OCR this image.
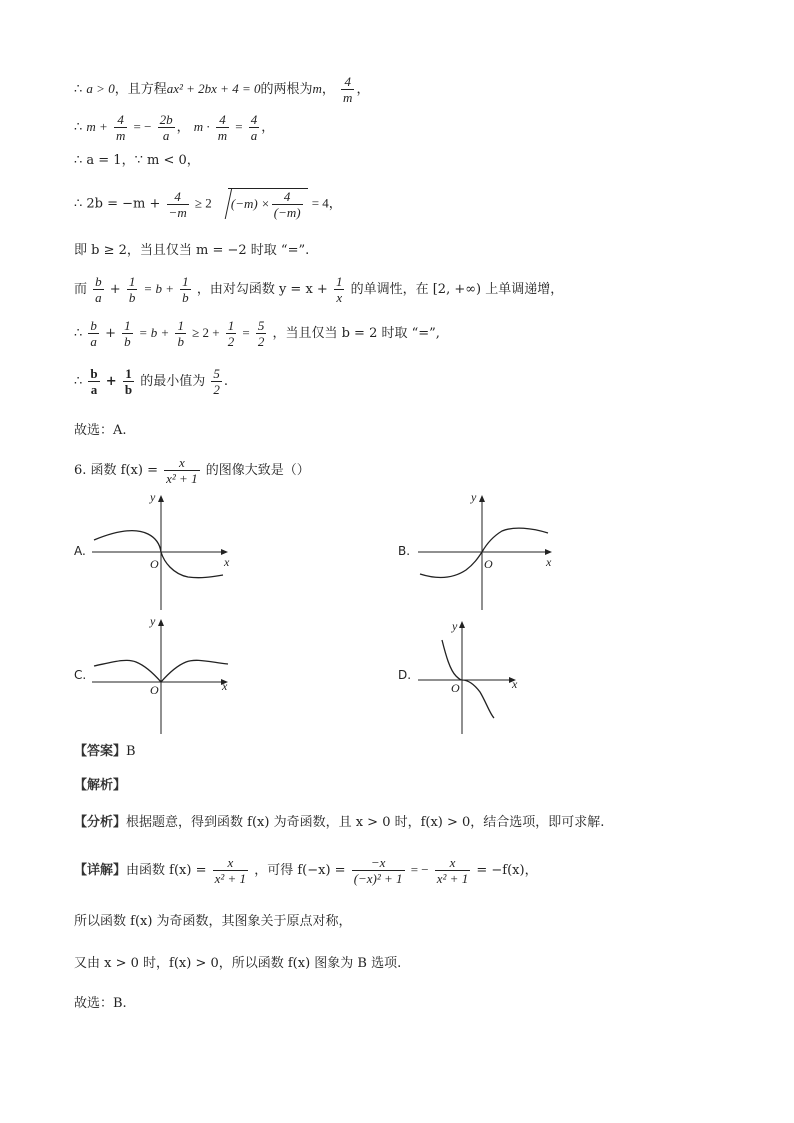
∴ a > 0，且方程ax² + 2bx + 4 = 0的两根为m， $\frac{4}{m}$ ，
∴ $m + \frac{4}{m}$ = − $\frac{2b}{a}$ ， $m \cdot \frac{4}{m} = \frac{4}{a}$ ，
∴ a = 1，∵ m < 0，
∴ $2b = -m + \frac{4}{-m} \ge 2$ $(-m) \times \frac{4}{(-m)} = 4$，
即 b ≥ 2，当且仅当 m = −2 时取 “=”.
而 $\frac{b}{a} + \frac{1}{b} = b + \frac{1}{b}$ ，由对勾函数 $y = x + \frac{1}{x}$ 的单调性，在 [2, +∞) 上单调递增，
∴ $\frac{b}{a} + \frac{1}{b} = b + \frac{1}{b} \ge 2 + \frac{1}{2} = \frac{5}{2}$ ，当且仅当 b = 2 时取 “=”,
∴ $\frac{b}{a} + \frac{1}{b}$ 的最小值为 $\frac{5}{2}$ .
故选：A.
6. 函数 $f(x) = \frac{x}{\text{x² + 1}}$ 的图像大致是（）
A.	B.
C.	D.
O	x
y
O	x
y
O	x
y
O	x
y
【答案】B
【解析】
【分析】根据题意，得到函数 f(x) 为奇函数，且 x > 0 时，f(x) > 0，结合选项，即可求解.
【详解】由函数 $f(x) = \frac{x}{\text{x² + 1}}$ ，可得 $f(-x) = \frac{-x}{\text{(−x)² + 1}}$ = − $\frac{x}{\text{x² + 1}} = -f(x)$，
所以函数 f(x) 为奇函数，其图象关于原点对称，
又由 x > 0 时，f(x) > 0，所以函数 f(x) 图象为 B 选项.
故选：B.
